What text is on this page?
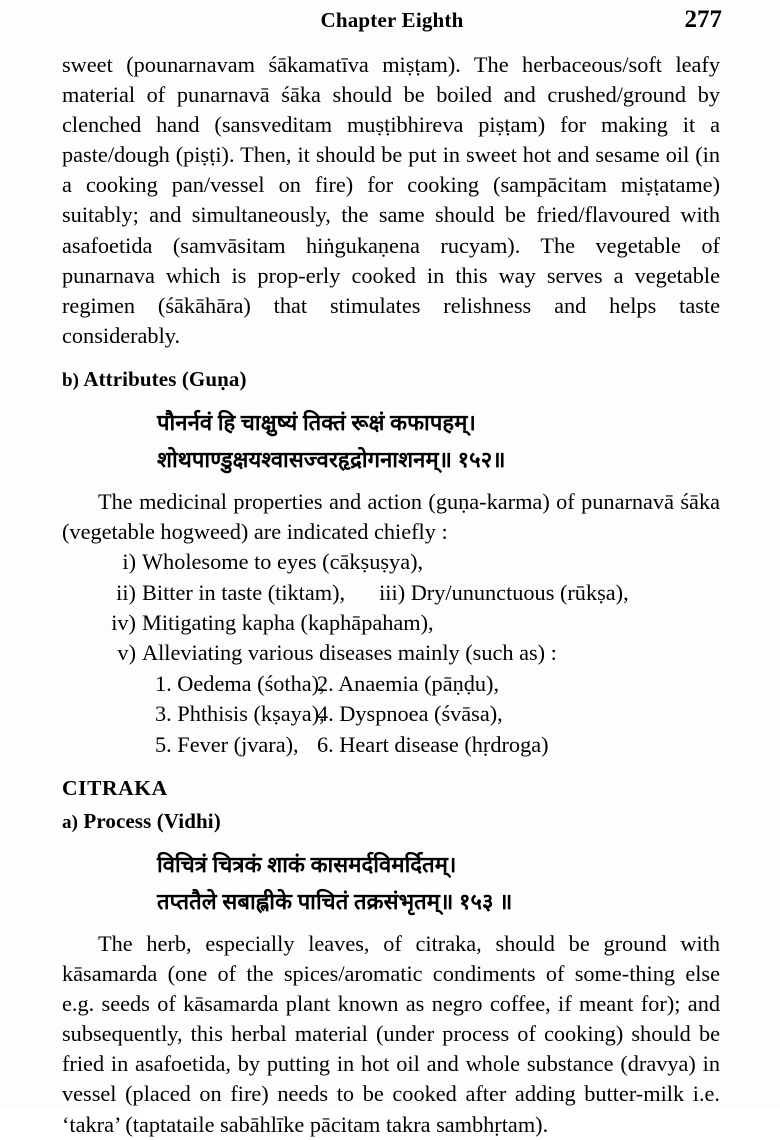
Chapter Eighth	277

sweet (pounarnavam śākamatīva miṣṭam). The herbaceous/soft leafy material of punarnavā śāka should be boiled and crushed/ground by clenched hand (sansveditam muṣṭibhireva piṣṭam) for making it a paste/dough (piṣṭi). Then, it should be put in sweet hot and sesame oil (in a cooking pan/vessel on fire) for cooking (sampācitam miṣṭatame) suitably; and simultaneously, the same should be fried/flavoured with asafoetida (samvāsitam hiṅgukaṇena rucyam). The vegetable of punarnava which is prop-erly cooked in this way serves a vegetable regimen (śākāhāra) that stimulates relishness and helps taste considerably.

b) Attributes (Guṇa)

पौनर्नवं हि चाक्षुष्यं तिक्तं रूक्षं कफापहम्।

शोथपाण्डुक्षयश्वासज्वरहृद्रोगनाशनम्॥ १५२॥

The medicinal properties and action (guṇa-karma) of punarnavā śāka (vegetable hogweed) are indicated chiefly :

i) Wholesome to eyes (cākṣuṣya),
ii) Bitter in taste (tiktam), iii) Dry/ununctuous (rūkṣa),
iv) Mitigating kapha (kaphāpaham),
v) Alleviating various diseases mainly (such as) :
1. Oedema (śotha),2. Anaemia (pāṇḍu),
3. Phthisis (kṣaya),4. Dyspnoea (śvāsa),
5. Fever (jvara), 6. Heart disease (hṛdroga)

CITRAKA

a) Process (Vidhi)

विचित्रं चित्रकं शाकं कासमर्दविमर्दितम्।

तप्ततैले सबाह्लीके पाचितं तक्रसंभृतम्॥ १५३ ॥

The herb, especially leaves, of citraka, should be ground with kāsamarda (one of the spices/aromatic condiments of some-thing else e.g. seeds of kāsamarda plant known as negro coffee, if meant for); and subsequently, this herbal material (under process of cooking) should be fried in asafoetida, by putting in hot oil and whole substance (dravya) in vessel (placed on fire) needs to be cooked after adding butter-milk i.e. ‘takra’ (taptataile sabāhlīke pācitam takra sambhṛtam).
